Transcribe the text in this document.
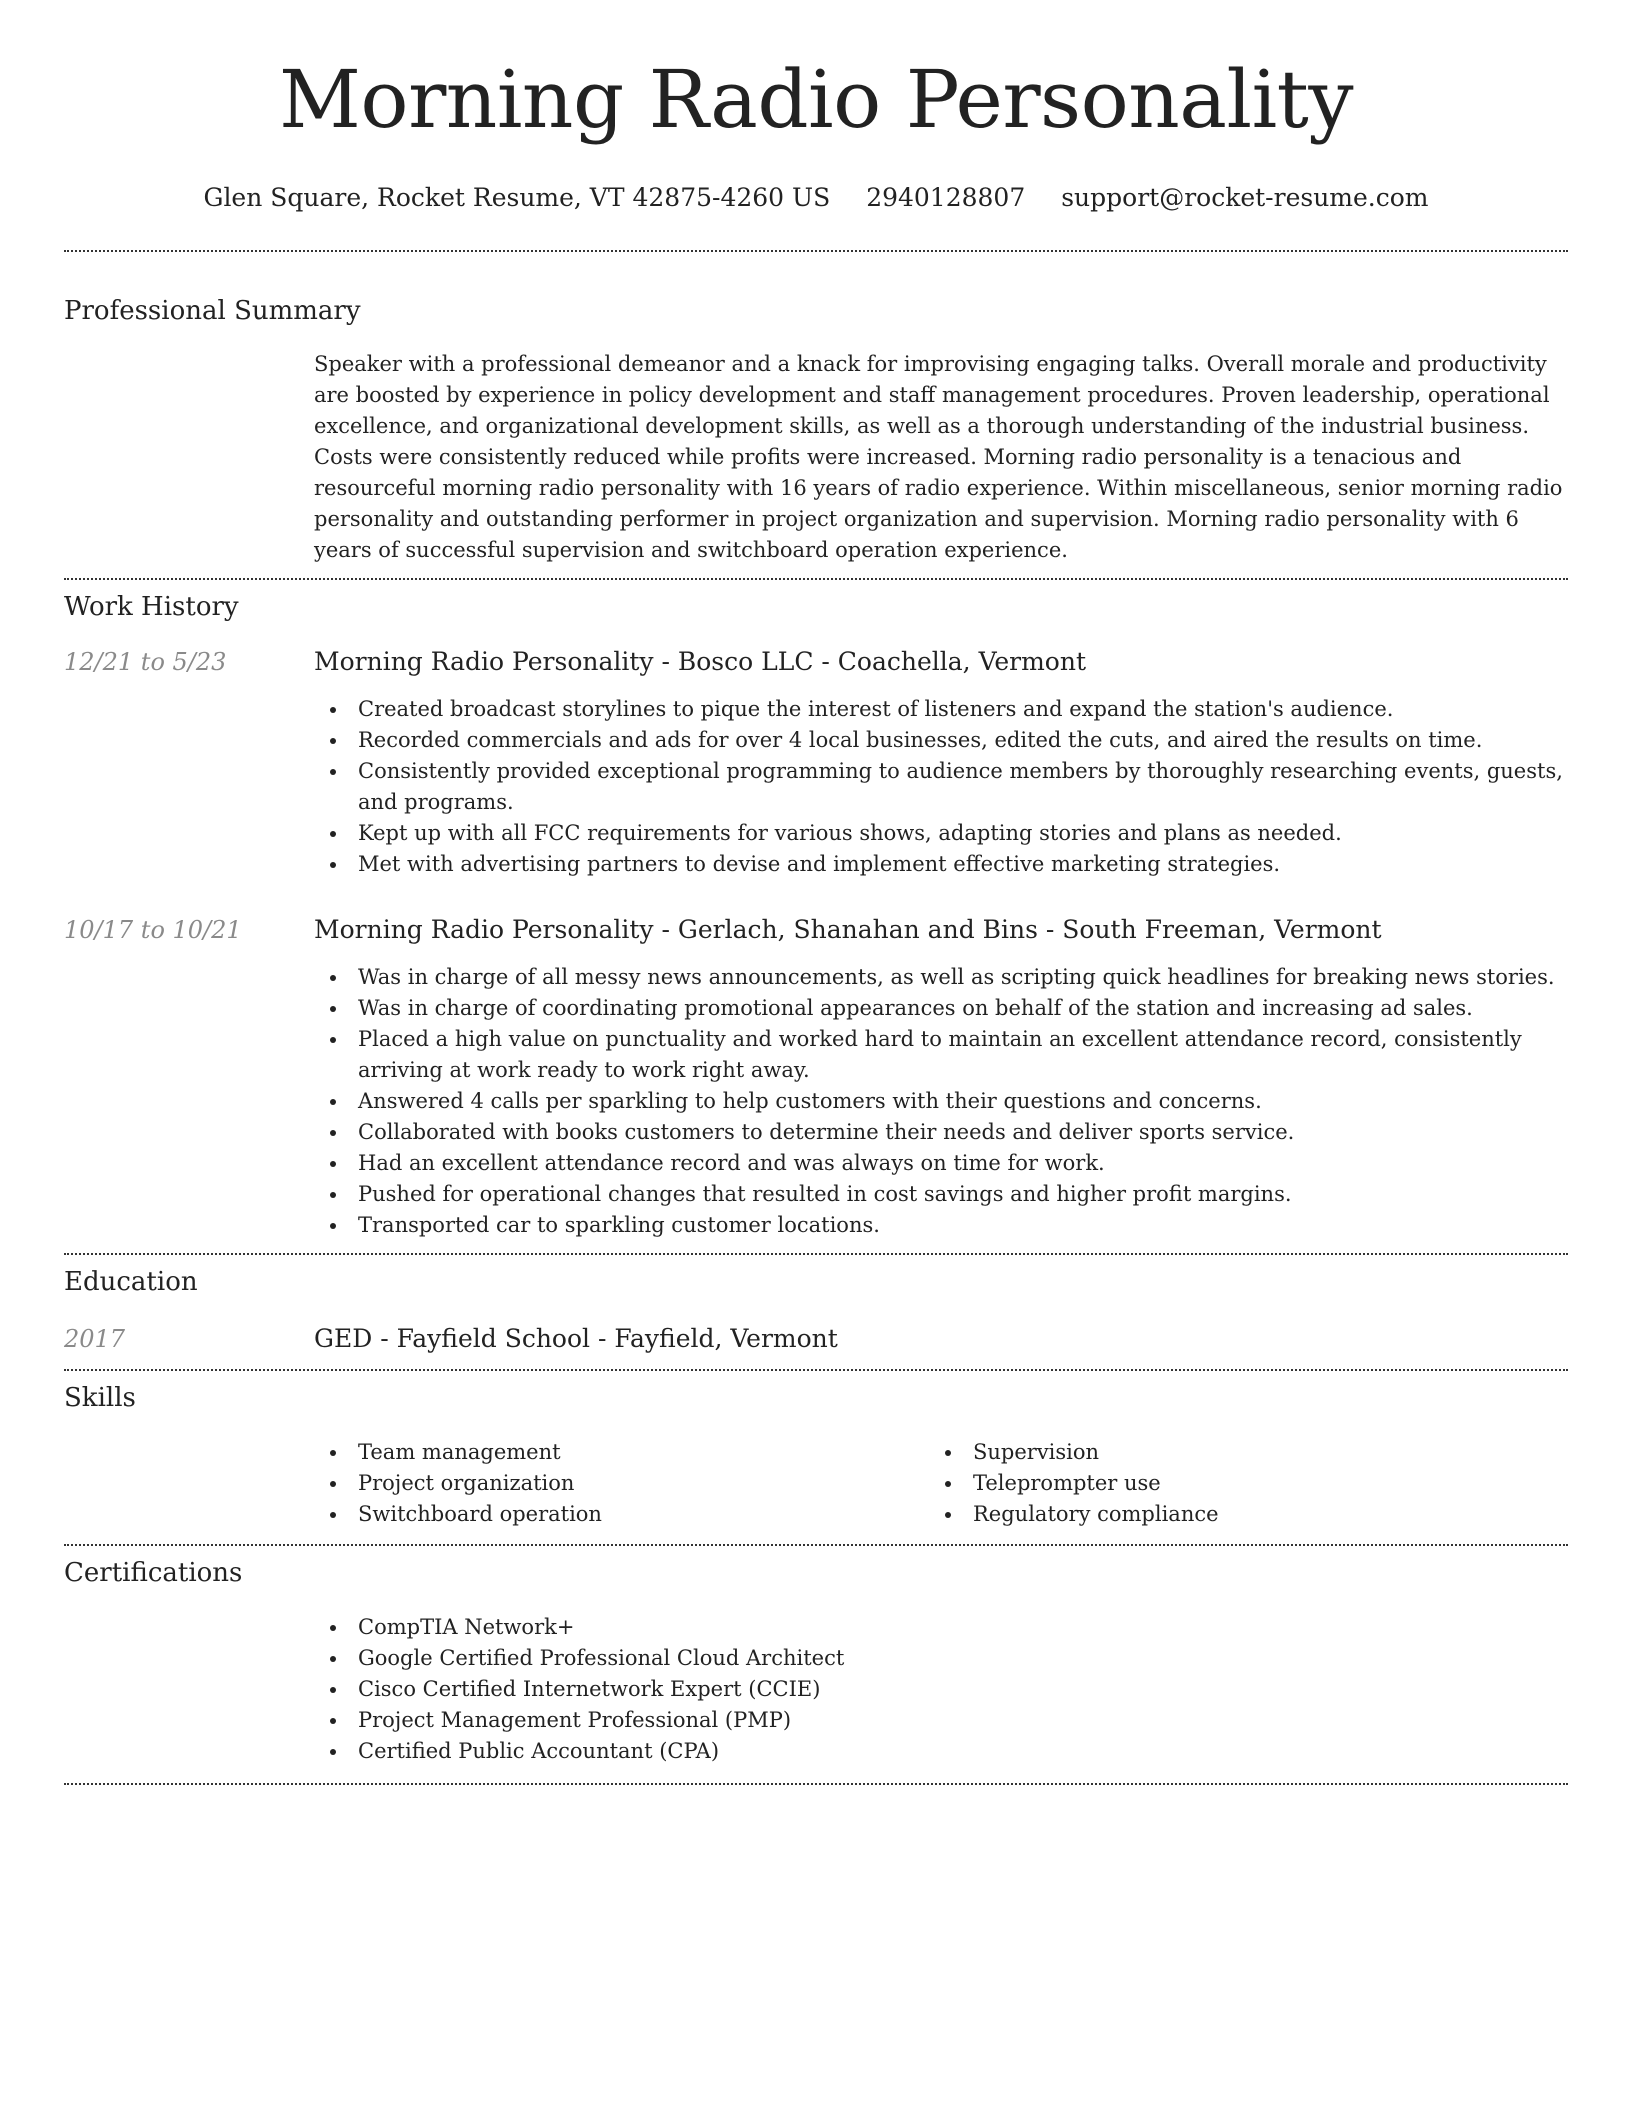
Morning Radio Personality
Glen Square, Rocket Resume, VT 42875-4260 US 2940128807 support@rocket-resume.com
Professional Summary

Speaker with a professional demeanor and a knack for improvising engaging talks. Overall morale and productivity are boosted by experience in policy development and staff management procedures. Proven leadership, operational excellence, and organizational development skills, as well as a thorough understanding of the industrial business. Costs were consistently reduced while profits were increased. Morning radio personality is a tenacious and resourceful morning radio personality with 16 years of radio experience. Within miscellaneous, senior morning radio personality and outstanding performer in project organization and supervision. Morning radio personality with 6 years of successful supervision and switchboard operation experience.

Work History
12/21 to 5/23	Morning Radio Personality - Bosco LLC - Coachella, Vermont
Created broadcast storylines to pique the interest of listeners and expand the station's audience.
Recorded commercials and ads for over 4 local businesses, edited the cuts, and aired the results on time.
Consistently provided exceptional programming to audience members by thoroughly researching events, guests, and programs.
Kept up with all FCC requirements for various shows, adapting stories and plans as needed.
Met with advertising partners to devise and implement effective marketing strategies.
10/17 to 10/21	Morning Radio Personality - Gerlach, Shanahan and Bins - South Freeman, Vermont
Was in charge of all messy news announcements, as well as scripting quick headlines for breaking news stories.
Was in charge of coordinating promotional appearances on behalf of the station and increasing ad sales.
Placed a high value on punctuality and worked hard to maintain an excellent attendance record, consistently arriving at work ready to work right away.
Answered 4 calls per sparkling to help customers with their questions and concerns.
Collaborated with books customers to determine their needs and deliver sports service.
Had an excellent attendance record and was always on time for work.
Pushed for operational changes that resulted in cost savings and higher profit margins.
Transported car to sparkling customer locations.
Education
2017	GED - Fayfield School - Fayfield, Vermont
Skills
Team management
Project organization
Switchboard operation
Supervision
Teleprompter use
Regulatory compliance
Certifications
CompTIA Network+
Google Certified Professional Cloud Architect
Cisco Certified Internetwork Expert (CCIE)
Project Management Professional (PMP)
Certified Public Accountant (CPA)
